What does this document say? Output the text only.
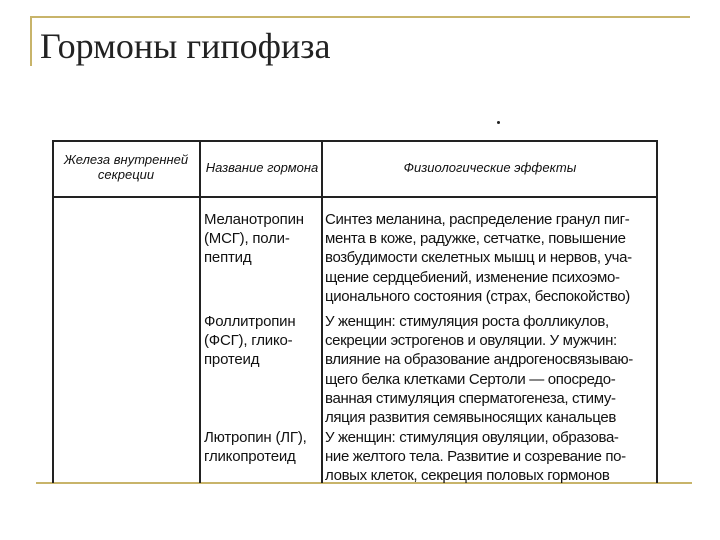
Гормоны гипофиза
Железа внутренней
секреции	Название гормона	Физиологические эффекты
Меланотропин
(МСГ), поли-
пептид
Синтез меланина, распределение гранул пиг-
мента в коже, радужке, сетчатке, повышение
возбудимости скелетных мышц и нервов, уча-
щение сердцебиений, изменение психоэмо-
ционального состояния (страх, беспокойство)
Фоллитропин
(ФСГ), глико-
протеид
У женщин: стимуляция роста фолликулов,
секреции эстрогенов и овуляции. У мужчин:
влияние на образование андрогеносвязываю-
щего белка клетками Сертоли — опосредо-
ванная стимуляция сперматогенеза, стиму-
ляция развития семявыносящих канальцев
Лютропин (ЛГ),
гликопротеид
У женщин: стимуляция овуляции, образова-
ние желтого тела. Развитие и созревание по-
ловых клеток, секреция половых гормонов
